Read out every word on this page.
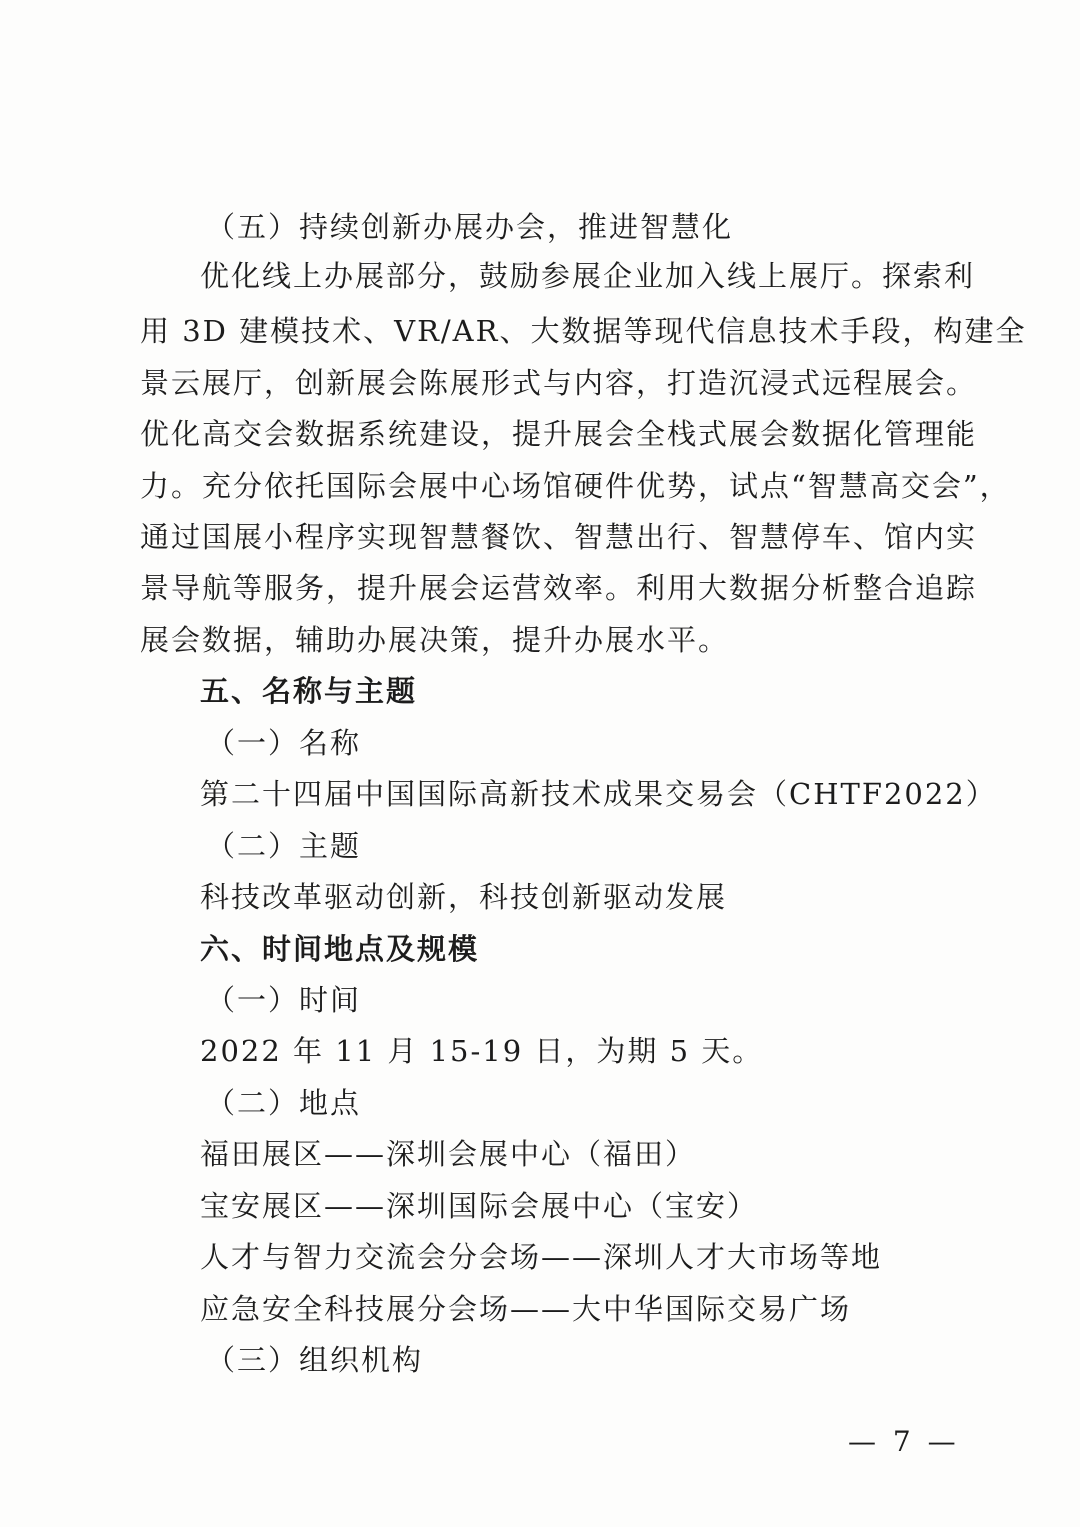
（五）持续创新办展办会，推进智慧化
优化线上办展部分，鼓励参展企业加入线上展厅。探索利
用 3D 建模技术、VR/AR、大数据等现代信息技术手段，构建全
景云展厅，创新展会陈展形式与内容，打造沉浸式远程展会。
优化高交会数据系统建设，提升展会全栈式展会数据化管理能
力。充分依托国际会展中心场馆硬件优势，试点“智慧高交会”，
通过国展小程序实现智慧餐饮、智慧出行、智慧停车、馆内实
景导航等服务，提升展会运营效率。利用大数据分析整合追踪
展会数据，辅助办展决策，提升办展水平。
五、名称与主题
（一）名称
第二十四届中国国际高新技术成果交易会（CHTF2022）
（二）主题
科技改革驱动创新，科技创新驱动发展
六、时间地点及规模
（一）时间
2022 年 11 月 15-19 日，为期 5 天。
（二）地点
福田展区——深圳会展中心（福田）
宝安展区——深圳国际会展中心（宝安）
人才与智力交流会分会场——深圳人才大市场等地
应急安全科技展分会场——大中华国际交易广场
（三）组织机构
— 7 —
